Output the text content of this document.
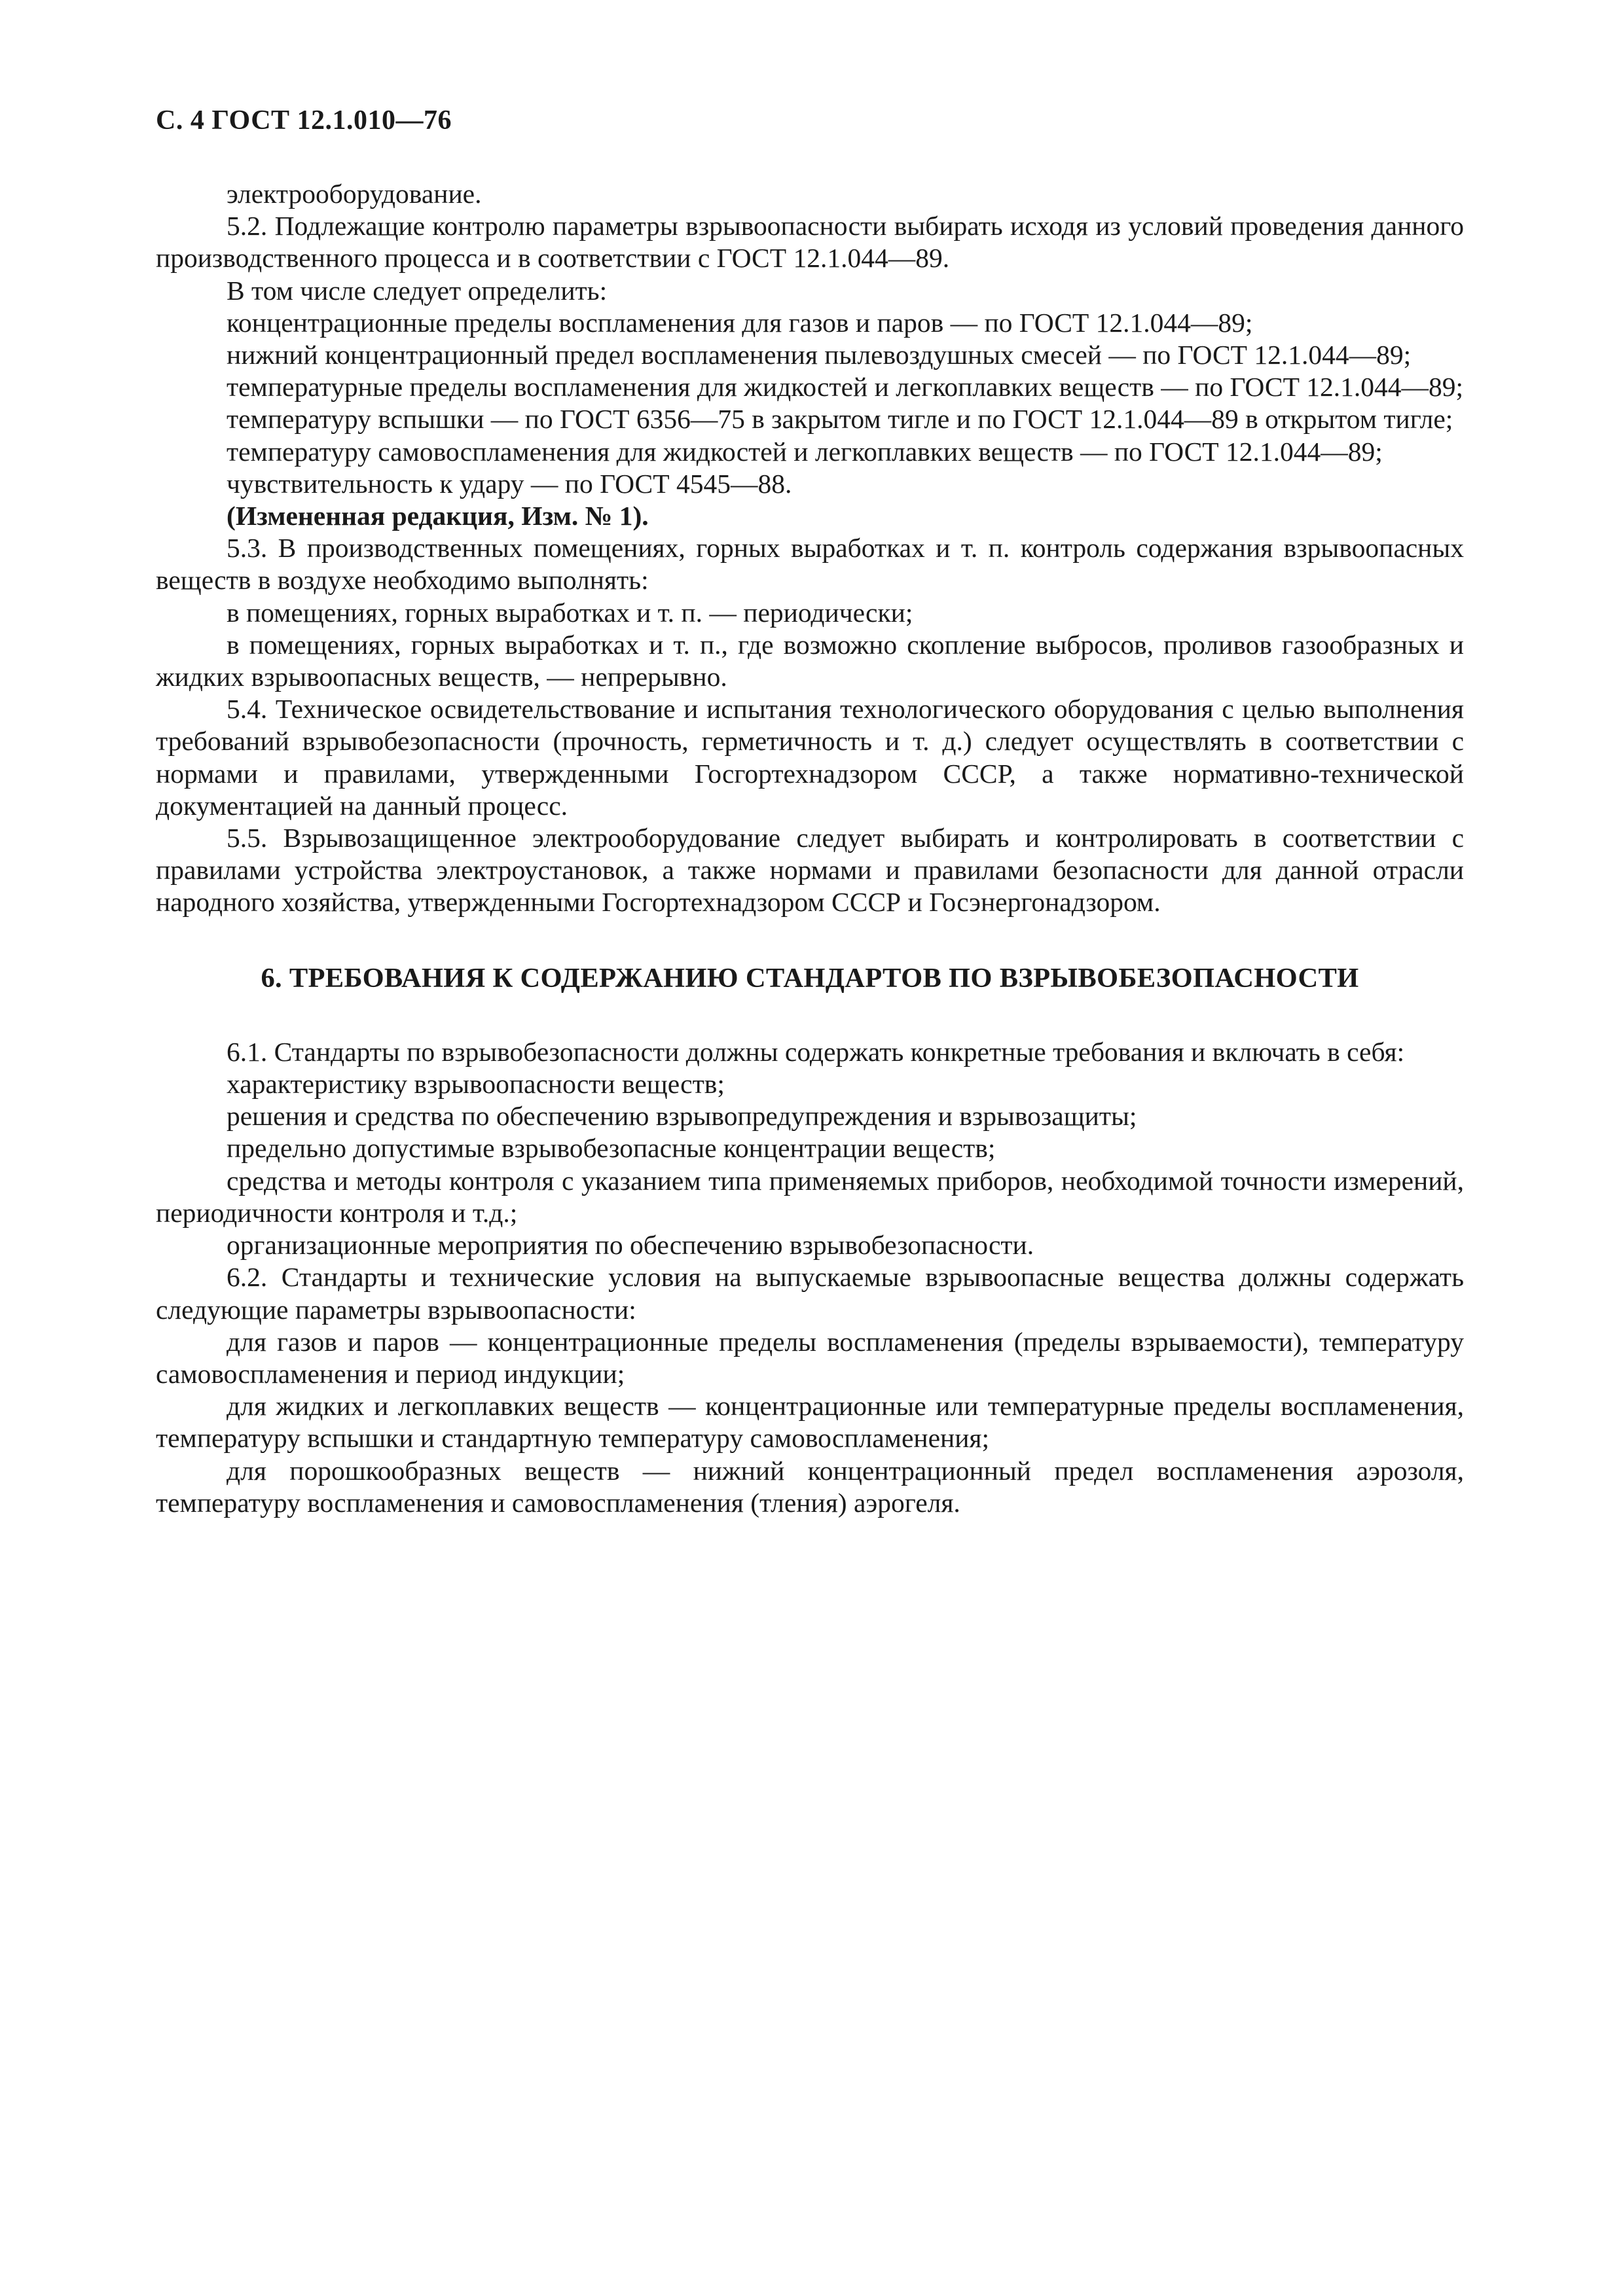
С. 4 ГОСТ 12.1.010—76

электрооборудование.

5.2. Подлежащие контролю параметры взрывоопасности выбирать исходя из условий проведения данного производственного процесса и в соответствии с ГОСТ 12.1.044—89.

В том числе следует определить:

концентрационные пределы воспламенения для газов и паров — по ГОСТ 12.1.044—89;

нижний концентрационный предел воспламенения пылевоздушных смесей — по ГОСТ 12.1.044—89;

температурные пределы воспламенения для жидкостей и легкоплавких веществ — по ГОСТ 12.1.044—89;

температуру вспышки — по ГОСТ 6356—75 в закрытом тигле и по ГОСТ 12.1.044—89 в открытом тигле;

температуру самовоспламенения для жидкостей и легкоплавких веществ — по ГОСТ 12.1.044—89;

чувствительность к удару — по ГОСТ 4545—88.

(Измененная редакция, Изм. № 1).

5.3. В производственных помещениях, горных выработках и т. п. контроль содержания взрывоопасных веществ в воздухе необходимо выполнять:

в помещениях, горных выработках и т. п. — периодически;

в помещениях, горных выработках и т. п., где возможно скопление выбросов, проливов газообразных и жидких взрывоопасных веществ, — непрерывно.

5.4. Техническое освидетельствование и испытания технологического оборудования с целью выполнения требований взрывобезопасности (прочность, герметичность и т. д.) следует осуществлять в соответствии с нормами и правилами, утвержденными Госгортехнадзором СССР, а также нормативно-технической документацией на данный процесс.

5.5. Взрывозащищенное электрооборудование следует выбирать и контролировать в соответствии с правилами устройства электроустановок, а также нормами и правилами безопасности для данной отрасли народного хозяйства, утвержденными Госгортехнадзором СССР и Госэнергонадзором.

6. ТРЕБОВАНИЯ К СОДЕРЖАНИЮ СТАНДАРТОВ ПО ВЗРЫВОБЕЗОПАСНОСТИ

6.1. Стандарты по взрывобезопасности должны содержать конкретные требования и включать в себя:

характеристику взрывоопасности веществ;

решения и средства по обеспечению взрывопредупреждения и взрывозащиты;

предельно допустимые взрывобезопасные концентрации веществ;

средства и методы контроля с указанием типа применяемых приборов, необходимой точности измерений, периодичности контроля и т.д.;

организационные мероприятия по обеспечению взрывобезопасности.

6.2. Стандарты и технические условия на выпускаемые взрывоопасные вещества должны содержать следующие параметры взрывоопасности:

для газов и паров — концентрационные пределы воспламенения (пределы взрываемости), температуру самовоспламенения и период индукции;

для жидких и легкоплавких веществ — концентрационные или температурные пределы воспламенения, температуру вспышки и стандартную температуру самовоспламенения;

для порошкообразных веществ — нижний концентрационный предел воспламенения аэрозоля, температуру воспламенения и самовоспламенения (тления) аэрогеля.
